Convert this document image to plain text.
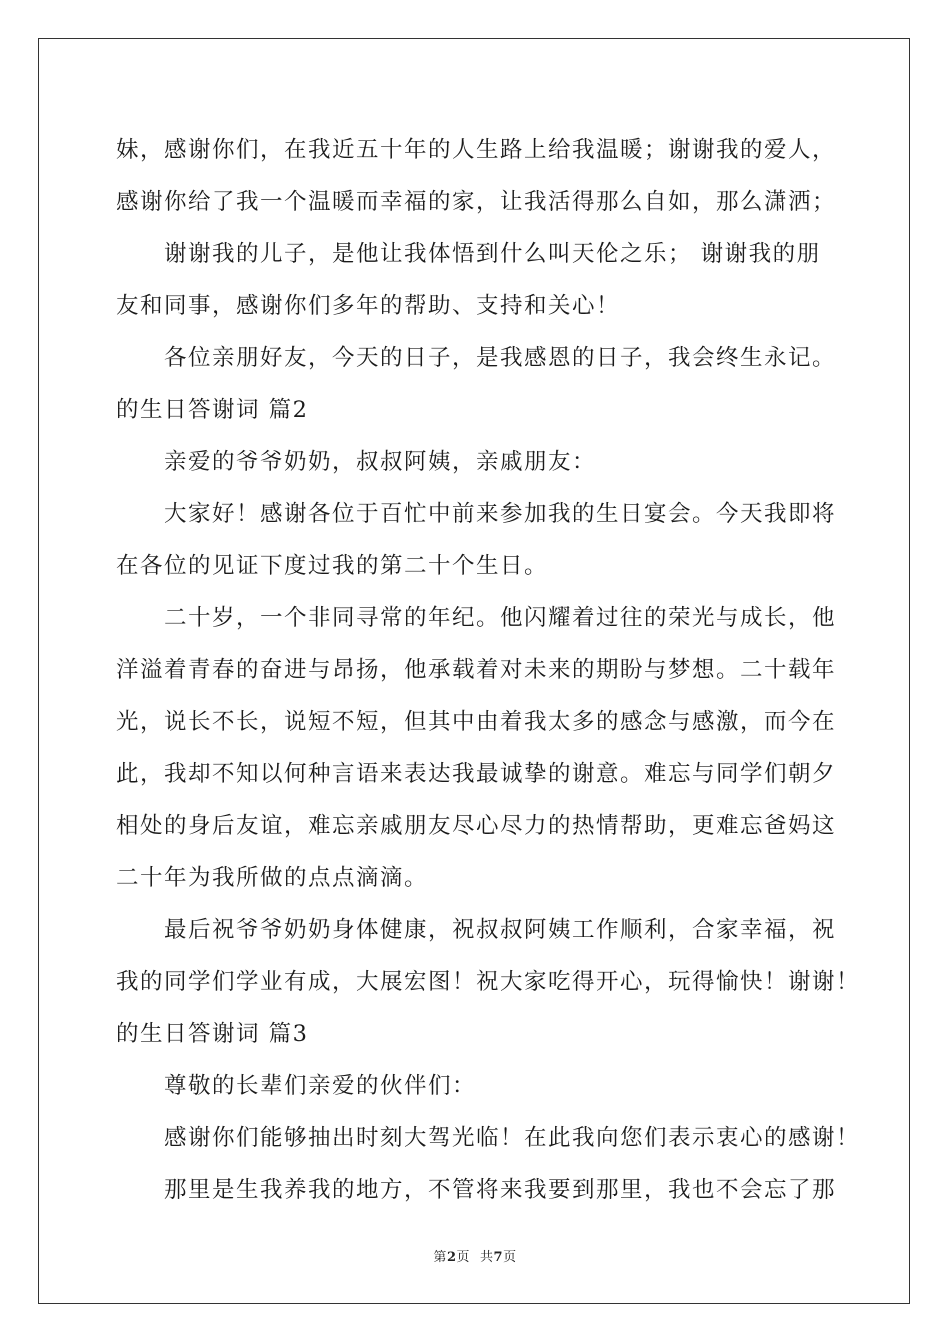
妹，感谢你们，在我近五十年的人生路上给我温暖；谢谢我的爱人，
感谢你给了我一个温暖而幸福的家，让我活得那么自如，那么潇洒；
谢谢我的儿子，是他让我体悟到什么叫天伦之乐； 谢谢我的朋
友和同事，感谢你们多年的帮助、支持和关心！
各位亲朋好友，今天的日子，是我感恩的日子，我会终生永记。
的生日答谢词 篇2
亲爱的爷爷奶奶，叔叔阿姨，亲戚朋友：
大家好！感谢各位于百忙中前来参加我的生日宴会。今天我即将
在各位的见证下度过我的第二十个生日。
二十岁，一个非同寻常的年纪。他闪耀着过往的荣光与成长，他
洋溢着青春的奋进与昂扬，他承载着对未来的期盼与梦想。二十载年
光，说长不长，说短不短，但其中由着我太多的感念与感激，而今在
此，我却不知以何种言语来表达我最诚挚的谢意。难忘与同学们朝夕
相处的身后友谊，难忘亲戚朋友尽心尽力的热情帮助，更难忘爸妈这
二十年为我所做的点点滴滴。
最后祝爷爷奶奶身体健康，祝叔叔阿姨工作顺利，合家幸福，祝
我的同学们学业有成，大展宏图！祝大家吃得开心，玩得愉快！谢谢！
的生日答谢词 篇3
尊敬的长辈们亲爱的伙伴们：
感谢你们能够抽出时刻大驾光临！在此我向您们表示衷心的感谢！
那里是生我养我的地方，不管将来我要到那里，我也不会忘了那
第2页 共7页
